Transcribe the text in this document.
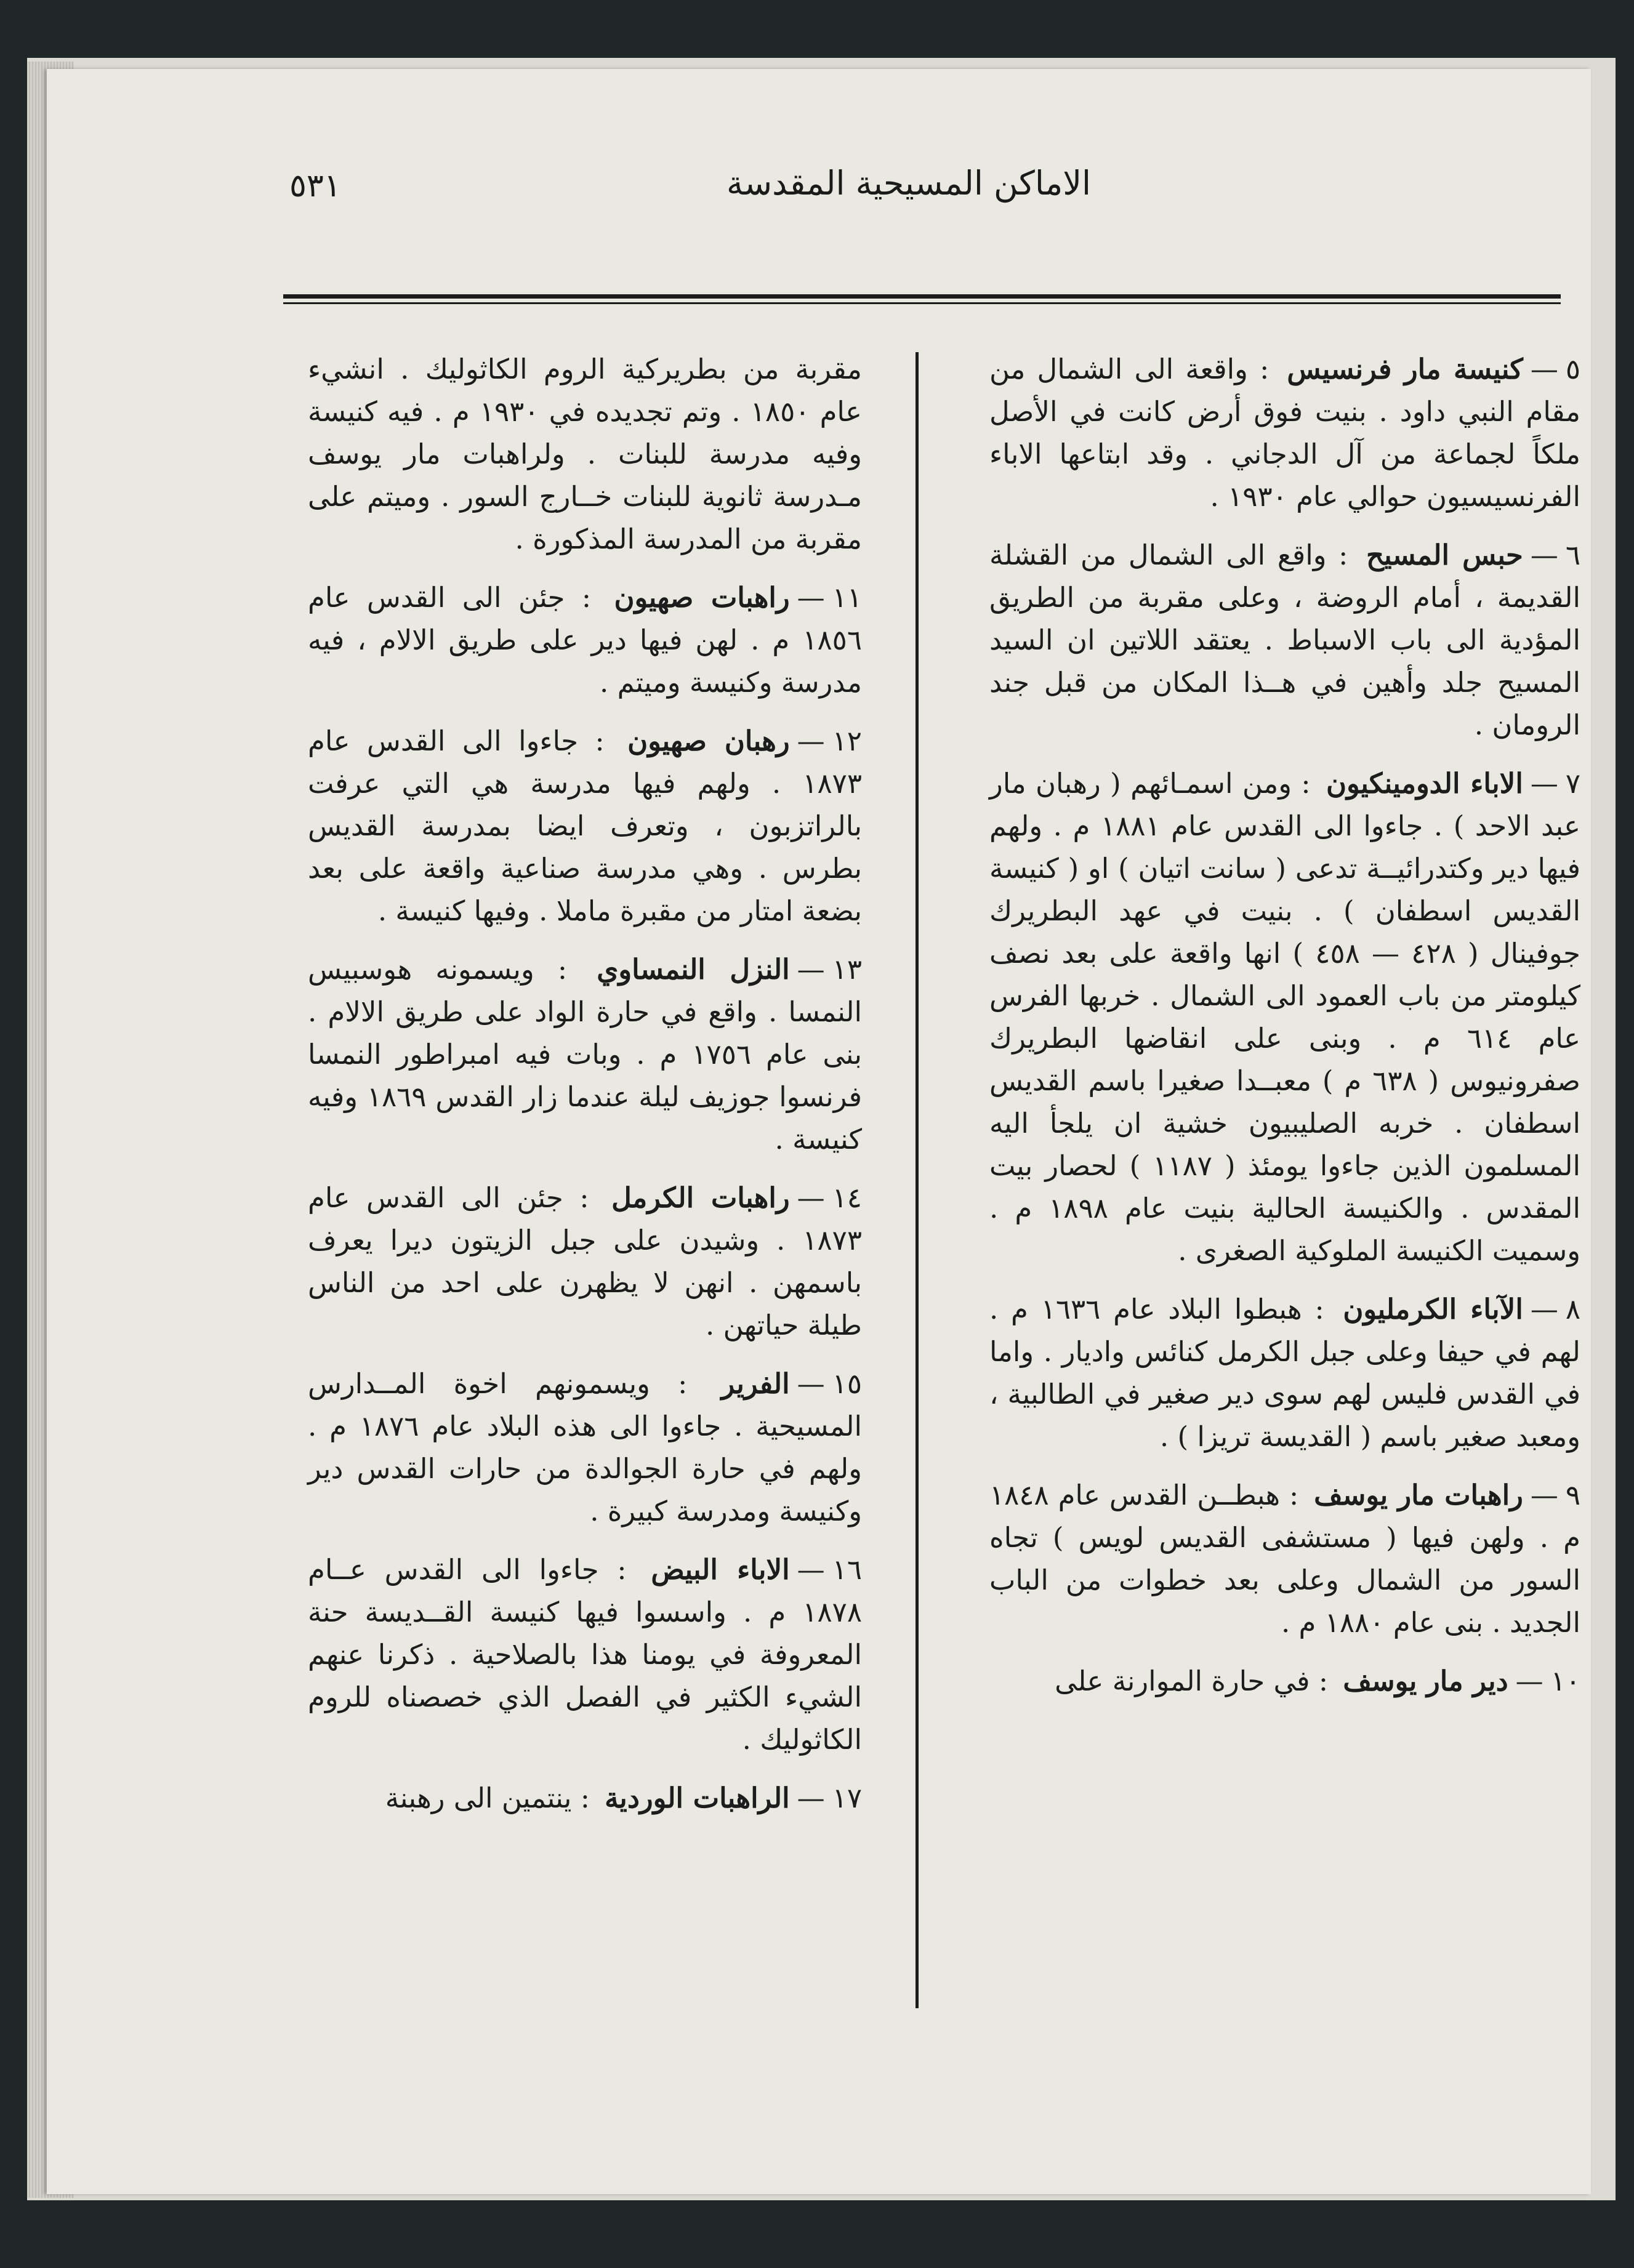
٥٣١	الاماكن المسيحية المقدسة

٥—كنيسة مار فرنسيس : واقعة الى الشمال من مقام النبي داود . بنيت فوق أرض كانت في الأصل ملكاً لجماعة من آل الدجاني . وقد ابتاعها الاباء الفرنسيسيون حوالي عام ١٩٣٠ .

٦—حبس المسيح : واقع الى الشمال من القشلة القديمة ، أمام الروضة ، وعلى مقربة من الطريق المؤدية الى باب الاسباط . يعتقد اللاتين ان السيد المسيح جلد وأهين في هــذا المكان من قبل جند الرومان .

٧—الاباء الدومينكيون : ومن اسمـائهم ( رهبان مار عبد الاحد ) . جاءوا الى القدس عام ١٨٨١ م . ولهم فيها دير وكتدرائيــة تدعى ( سانت اتيان ) او ( كنيسة القديس اسطفان ) . بنيت في عهد البطريرك جوفينال ( ٤٢٨ — ٤٥٨ ) انها واقعة على بعد نصف كيلومتر من باب العمود الى الشمال . خربها الفرس عام ٦١٤ م . وبنى على انقاضها البطريرك صفرونيوس ( ٦٣٨ م ) معبــدا صغيرا باسم القديس اسطفان . خربه الصليبيون خشية ان يلجأ اليه المسلمون الذين جاءوا يومئذ ( ١١٨٧ ) لحصار بيت المقدس . والكنيسة الحالية بنيت عام ١٨٩٨ م . وسميت الكنيسة الملوكية الصغرى .

٨—الآباء الكرمليون : هبطوا البلاد عام ١٦٣٦ م . لهم في حيفا وعلى جبل الكرمل كنائس واديار . واما في القدس فليس لهم سوى دير صغير في الطالبية ، ومعبد صغير باسم ( القديسة تريزا ) .

٩—راهبات مار يوسف : هبطــن القدس عام ١٨٤٨ م . ولهن فيها ( مستشفى القديس لويس ) تجاه السور من الشمال وعلى بعد خطوات من الباب الجديد . بنى عام ١٨٨٠ م .

١٠—دير مار يوسف : في حارة الموارنة على

مقربة من بطريركية الروم الكاثوليك . انشيء عام ١٨٥٠ . وتم تجديده في ١٩٣٠ م . فيه كنيسة وفيه مدرسة للبنات . ولراهبات مار يوسف مـدرسة ثانوية للبنات خــارج السور . وميتم على مقربة من المدرسة المذكورة .

١١—راهبات صهيون : جئن الى القدس عام ١٨٥٦ م . لهن فيها دير على طريق الالام ، فيه مدرسة وكنيسة وميتم .

١٢—رهبان صهيون : جاءوا الى القدس عام ١٨٧٣ . ولهم فيها مدرسة هي التي عرفت بالراتزبون ، وتعرف ايضا بمدرسة القديس بطرس . وهي مدرسة صناعية واقعة على بعد بضعة امتار من مقبرة ماملا . وفيها كنيسة .

١٣—النزل النمساوي : ويسمونه هوسبيس النمسا . واقع في حارة الواد على طريق الالام . بنى عام ١٧٥٦ م . وبات فيه امبراطور النمسا فرنسوا جوزيف ليلة عندما زار القدس ١٨٦٩ وفيه كنيسة .

١٤—راهبات الكرمل : جئن الى القدس عام ١٨٧٣ . وشيدن على جبل الزيتون ديرا يعرف باسمهن . انهن لا يظهرن على احد من الناس طيلة حياتهن .

١٥—الفرير : ويسمونهم اخوة المــدارس المسيحية . جاءوا الى هذه البلاد عام ١٨٧٦ م . ولهم في حارة الجوالدة من حارات القدس دير وكنيسة ومدرسة كبيرة .

١٦—الاباء البيض : جاءوا الى القدس عــام ١٨٧٨ م . واسسوا فيها كنيسة القــديسة حنة المعروفة في يومنا هذا بالصلاحية . ذكرنا عنهم الشيء الكثير في الفصل الذي خصصناه للروم الكاثوليك .

١٧—الراهبات الوردية : ينتمين الى رهبنة
